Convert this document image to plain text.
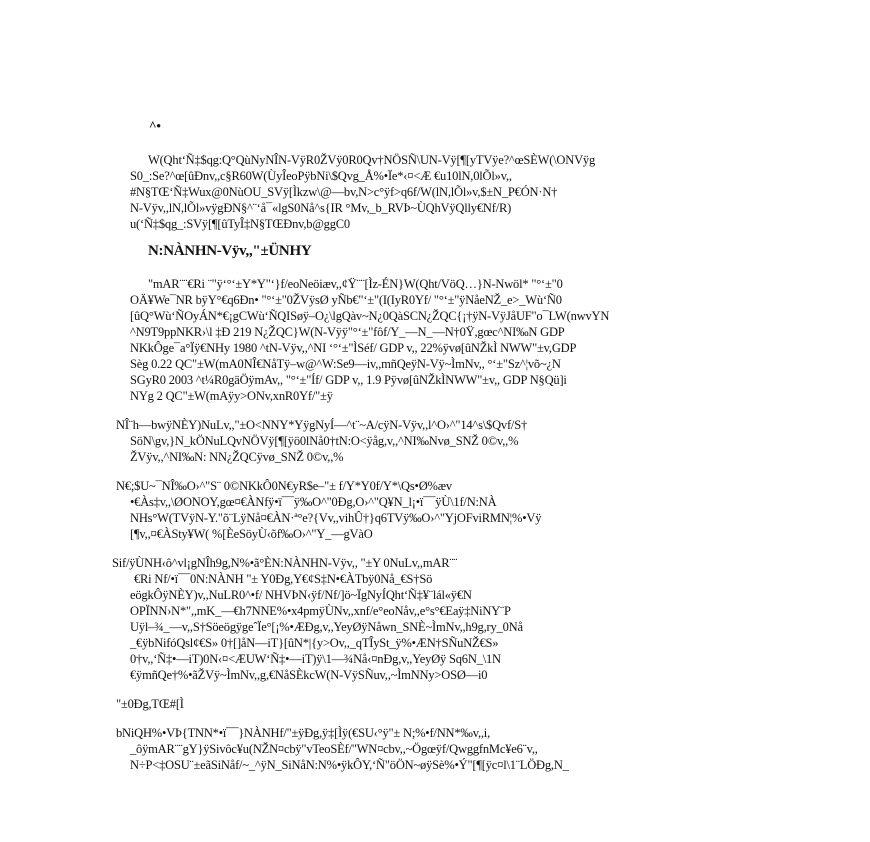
^•
W(Qht‘Ñ‡$qg:Q°QùNyNÎN-VÿR0ŽVÿ0R0Qv†NÖSÑ\UN-Vÿ[¶[yTVÿe?^œSÈW(\ONVÿg
S0_:Se?^œ[ûÐnv,,c§R60W(ÙyÎeoPÿbNi\$Qvg_Å%•Ïe*‹¤<Æ €u10lN,0lÕl»v,,
#N§TŒ‘Ñ‡Wux@0NùOU_SVÿ[Ìkzw\@—bv,N>c°ÿf>q6f/W(lN,lÕl»v,$±N_P€ÓN·N†
N-Vÿv,,lN,lÕl»vÿgÐN§^¨‘å¯«lgS0Nå^s{IR °Mv,_b_RVÞ~ÙQhVÿQlly€Nf/R)
u(‘Ñ‡$qg_:SVÿ[¶[ûTyÎ‡N§TŒÐnv,b@ggC0
N:NÀNHN-Vÿv,,"±ÜNHY
"mAR¨¨€Ri ¨"ÿ‘°‘±Y*Y"‘}f/eoNeöiæv,,¢Ÿ¨¨[Ìz-ÉN}W(Qht/VöQ…}N-Nwöl* "°‘±"0
OÄ¥We¯NR bÿY°€q6Ðn• "°‘±"0ŽVÿsØ yÑb€"‘±"(I(IyR0Yf/ "°‘±"ÿNåeNŽ_e>_Wù‘Ñ0
[ûQ°Wù‘ÑOyÁN*€¡gCWù‘ÑQISøÿ–O¿\lgQàv~N¿0QàSCN¿ŽQC{¡†ÿN-VÿJåUF"o¯LW(nwvYN
^N9T9ppNKR›\l ‡Ð 219 N¿ŽQC}W(N-Vÿÿ"°‘±"fôf/Y_—N_—N†0Ÿ,gœc^NI‰N GDP
NKkÔge¯a°Ïÿ€NHy 1980 ^tN-Vÿv,,^NI ‘°‘±"ÌSéf/ GDP v,, 22%ÿvø[ûNŽkÌ NWW"±v,GDP
Sèg 0.22 QC"±W(mA0NÎ€NåTÿ–w@^W:Se9—iv,,mñQeÿN-Vÿ~ÌmNv,, °‘±"Sz^¦võ~¿N
SGyR0 2003 ^t¼R0gäÖÿmAv,, "°‘±"Íf/ GDP v,, 1.9 Pÿvø[ûNŽkÌNWW"±v,, GDP N§Qü]i
NYg 2 QC"±W(mAÿy>ONv,xnR0Yf/"±ÿ
NÎ¨h—bwÿNÈY)NuLv,,"±O<NNY*YÿgNyÍ—^t¨~A/cÿN-Vÿv,,l^O›^"14^s\$Qvf/S†
SöN\gv,}N_kÖNuLQvNÖVÿ[¶[ÿö0lNå0†tN:O<ÿåg,v,,^NI‰Nvø_SNŽ 0©v,,%
ŽVÿv,,^NI‰N: NN¿ŽQCÿvø_SNŽ 0©v,,%
N€;$U~¯NÎ‰O›^"S¨ 0©NKkÔ0N€yR$e–"± f/Y*Y0f/Y*\Qs•Ø%æv
•€Às‡v,,\ØONOY,gœ¤€ÀNfÿ•ï¯¯ÿ‰O^"0Ðg,O›^"Q¥N_l¡•ï¯¯ÿÙ\1f/N:NÀ
NHs°W(TVÿN-Y."õ¨LÿNå¤€ÀN·ª°e?{Vv,,vihÛ†}q6TVÿ‰O›^"YjOFviRMN¦%•Vÿ
[¶v,,¤€ÀSty¥W( %[ÈeSöyÙ‹õf‰O›^"Y_—gVàO
Sif/ÿÙNH‹ô^vl¡gNÎh9g,N%•ã°ÈN:NÀNHN-Vÿv,, "±Y 0NuLv,,mAR¨¨
€Ri Nf/•ï¯¯0N:NÀNH "± Y0Ðg,Y€¢S‡N•€ÀTbÿ0Nå_€S†Sö
eögkÔÿNÈY)v,,NuLR0^•f/ NHVÞN‹ÿf/Nf/]ö~ÏgNyÍQht‘Ñ‡¥¨lál«ÿ€N
OPÏNN›N*",,mK_—€h7NNE%•x4pmÿÙNv,,xnf/e°eoNåv,,e°s°€Eaÿ‡NiNY¨P
Uÿl–¾_—v,,S†SöeögÿgeˆÏe°[¡%•ÆÐg,v,,YeyØÿNåwn_SNÈ~ÌmNv,,h9g,ry_0Nå
_€ÿbNifóQsl¢€S» 0†[]åN—iT}[ûN*|{y>Ov,,_qTÎySt_ÿ%•ÆN†SÑuNŽ€S»
0†v,,‘Ñ‡•—iT)0N‹¤<ÆUW‘Ñ‡•—iT)ÿ\1—¾Nå‹¤nÐg,v,,YeyØÿ Sq6N_\1N
€ÿmñQe†%•ãŽVÿ~ÌmNv,,g,€NåSÈkcW(N-VÿSÑuv,,~ÌmNNy>OSØ—i0
"±0Ðg,TŒ#[Ì
bNiQH%•VÞ{TNN*•ï¯¯}NÀNHf/"±ÿÐg,ÿ‡[Ìÿ(€SU‹°ÿ"± N;%•f/NN*‰v,,i,
_ôÿmAR¨¨gY}ÿSivôc¥u(NŽN¤cbÿ"vTeoSÈf/"WN¤cbv,,~Ögœÿf/QwggfnMc¥e6¨v,,
N÷P<‡OSU¨±eãSiNåf/~_^ÿN_SiNåN:N%•ÿkÔY,‘Ñ"öÖN~øÿSè%•Ý"[¶[ÿc¤l\1¨LÖÐg,N_
